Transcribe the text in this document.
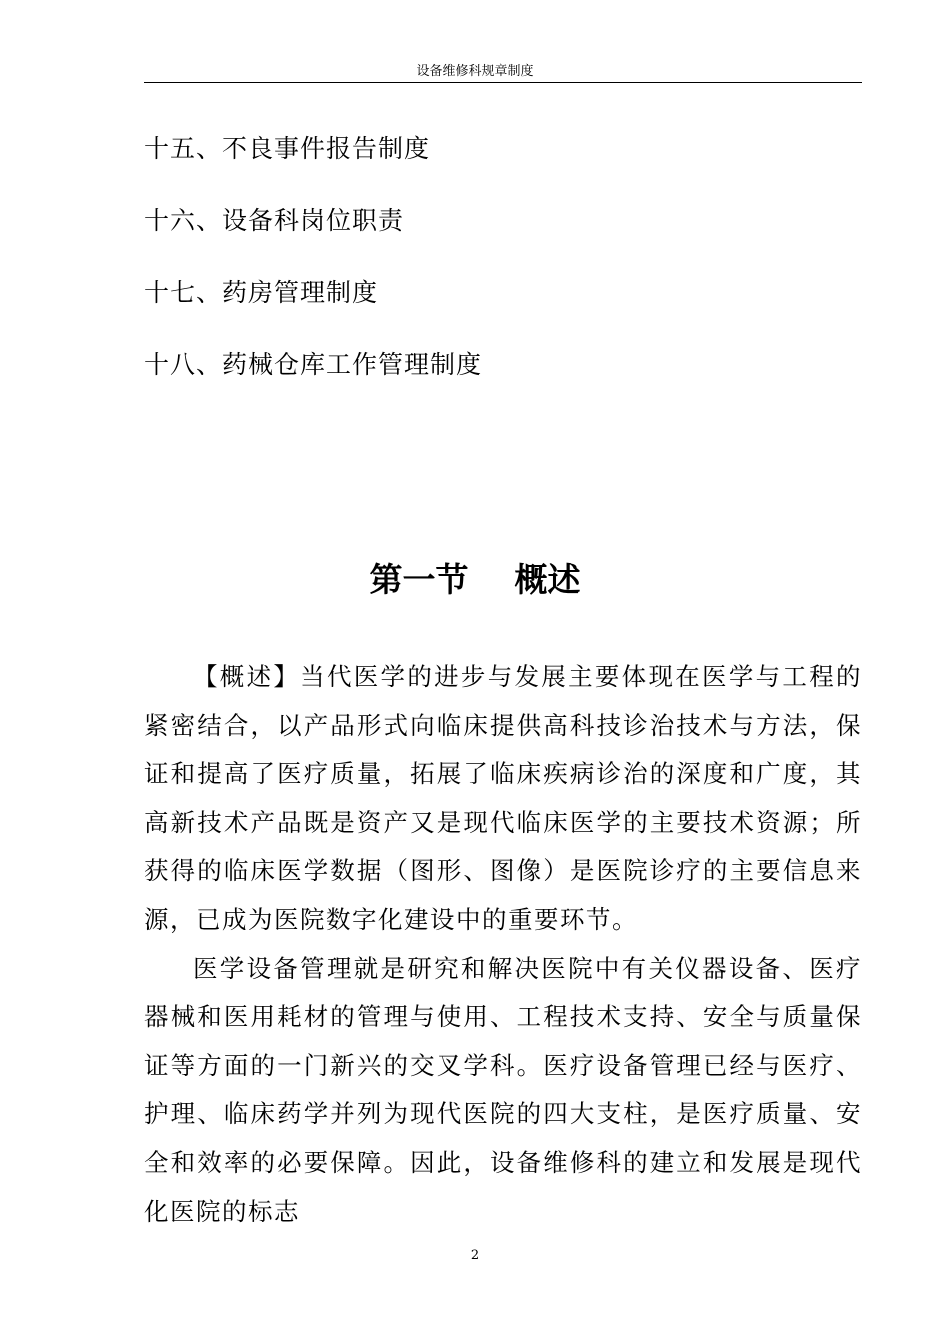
设备维修科规章制度
十五、不良事件报告制度
十六、设备科岗位职责
十七、药房管理制度
十八、药械仓库工作管理制度
第一节    概述

【概述】当代医学的进步与发展主要体现在医学与工程的紧密结合，以产品形式向临床提供高科技诊治技术与方法，保证和提高了医疗质量，拓展了临床疾病诊治的深度和广度，其高新技术产品既是资产又是现代临床医学的主要技术资源；所获得的临床医学数据（图形、图像）是医院诊疗的主要信息来源，已成为医院数字化建设中的重要环节。

医学设备管理就是研究和解决医院中有关仪器设备、医疗器械和医用耗材的管理与使用、工程技术支持、安全与质量保证等方面的一门新兴的交叉学科。医疗设备管理已经与医疗、护理、临床药学并列为现代医院的四大支柱，是医疗质量、安全和效率的必要保障。因此，设备维修科的建立和发展是现代化医院的标志

2
